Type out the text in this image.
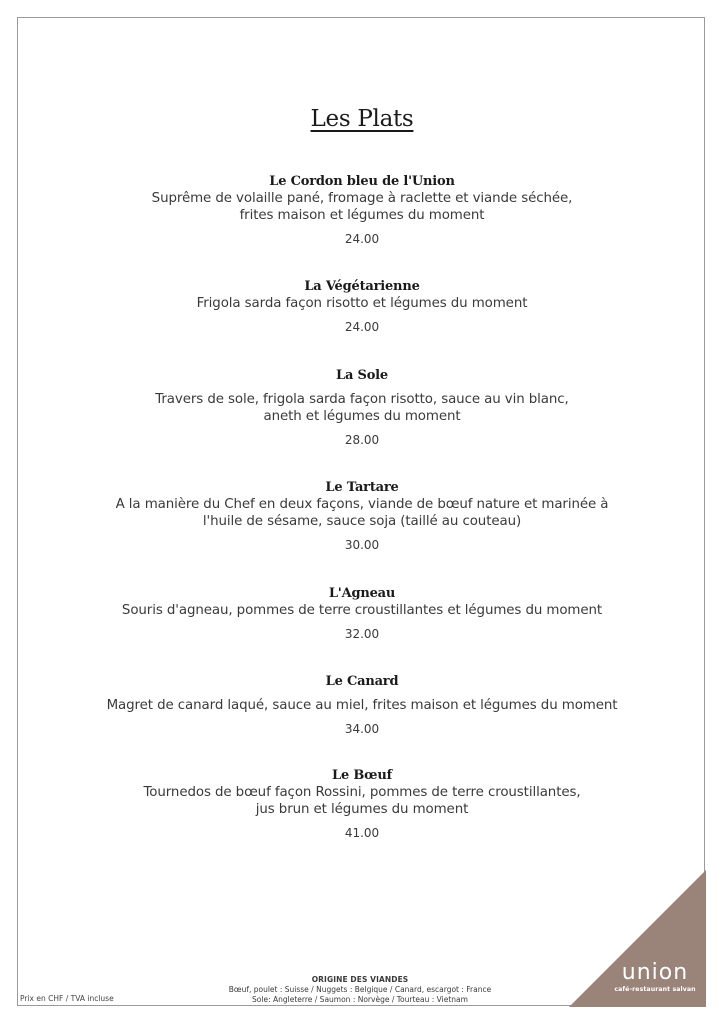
Les Plats
Le Cordon bleu de l'Union
Suprême de volaille pané, fromage à raclette et viande séchée,
frites maison et légumes du moment
24.00
La Végétarienne
Frigola sarda façon risotto et légumes du moment
24.00
La Sole
Travers de sole, frigola sarda façon risotto, sauce au vin blanc,
aneth et légumes du moment
28.00
Le Tartare
A la manière du Chef en deux façons, viande de bœuf nature et marinée à
l'huile de sésame, sauce soja (taillé au couteau)
30.00
L'Agneau
Souris d'agneau, pommes de terre croustillantes et légumes du moment
32.00
Le Canard
Magret de canard laqué, sauce au miel, frites maison et légumes du moment
34.00
Le Bœuf
Tournedos de bœuf façon Rossini, pommes de terre croustillantes,
jus brun et légumes du moment
41.00
ORIGINE DES VIANDES
Bœuf, poulet : Suisse / Nuggets : Belgique / Canard, escargot : France
Sole: Angleterre / Saumon : Norvège / Tourteau : Vietnam
Prix en CHF / TVA incluse
union
café-restaurant salvan
